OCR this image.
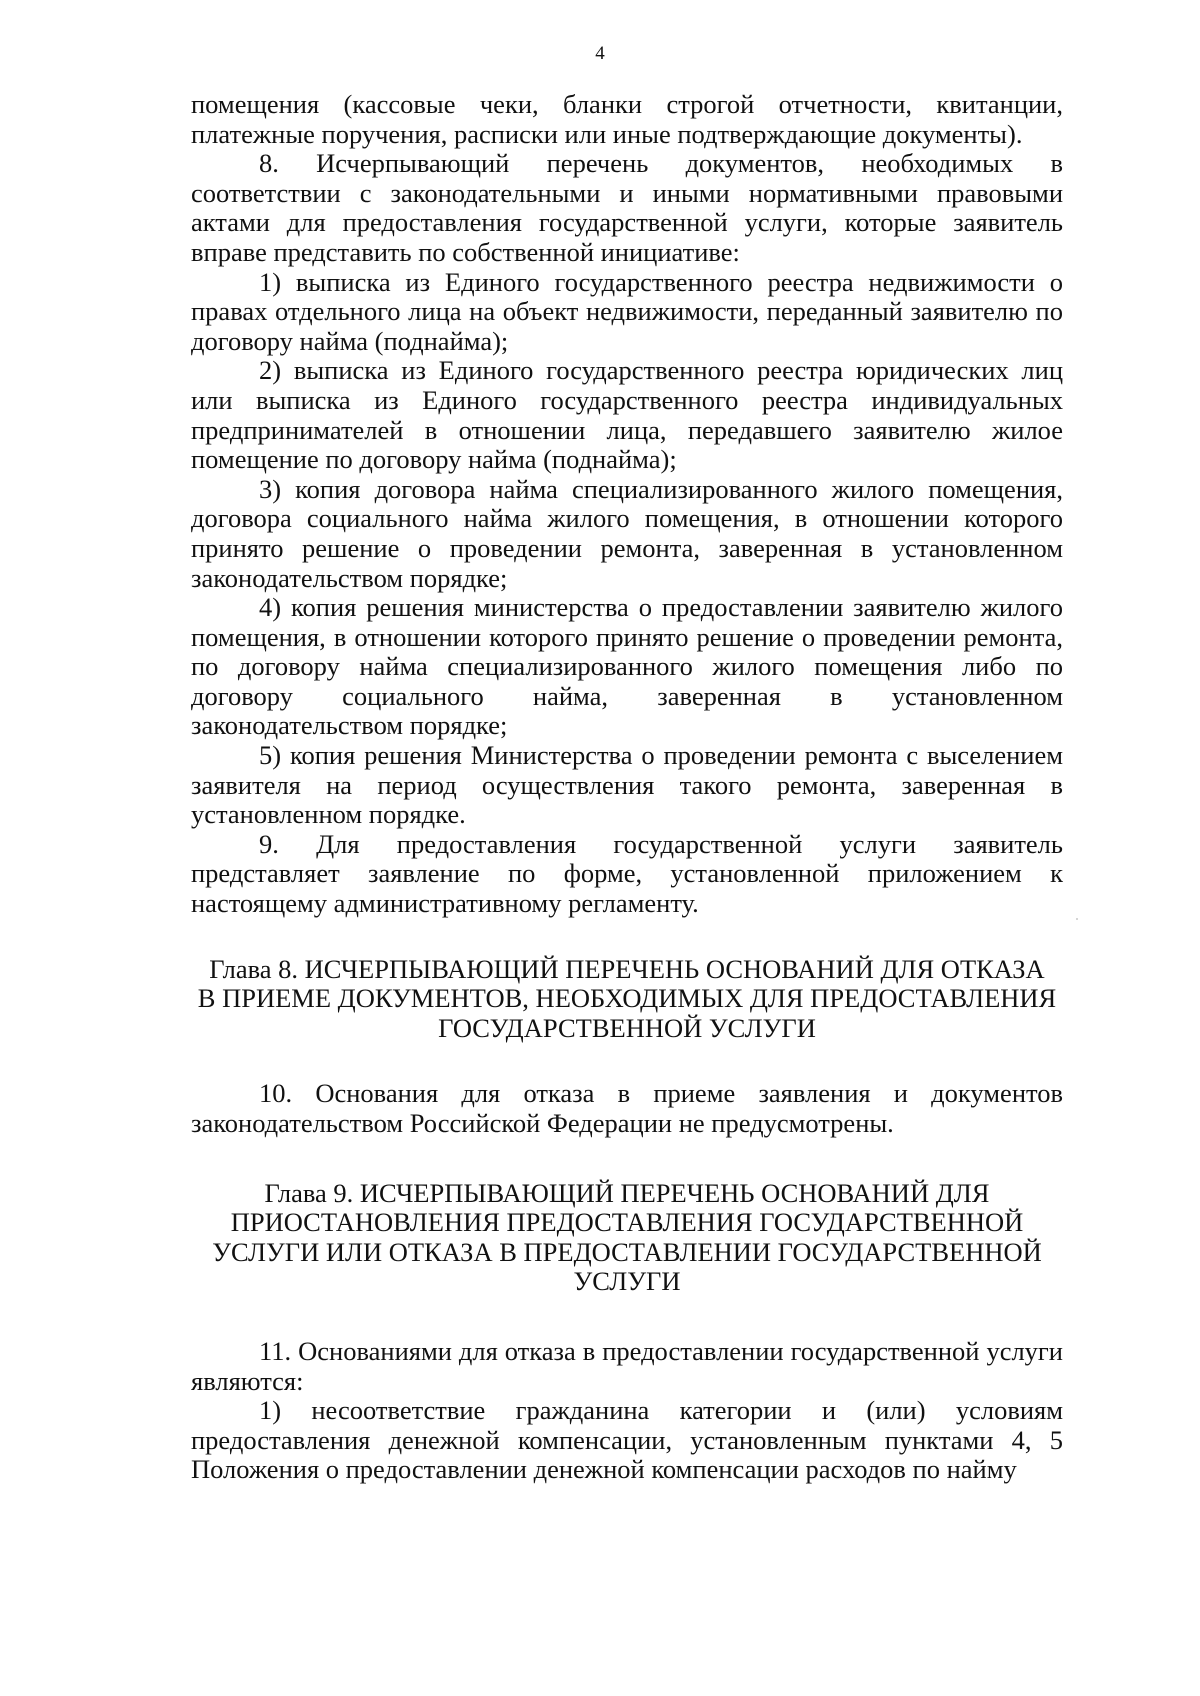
4

помещения (кассовые чеки, бланки строгой отчетности, квитанции, платежные поручения, расписки или иные подтверждающие документы).

8. Исчерпывающий перечень документов, необходимых в соответствии с законодательными и иными нормативными правовыми актами для предоставления государственной услуги, которые заявитель вправе представить по собственной инициативе:

1) выписка из Единого государственного реестра недвижимости о правах отдельного лица на объект недвижимости, переданный заявителю по договору найма (поднайма);

2) выписка из Единого государственного реестра юридических лиц или выписка из Единого государственного реестра индивидуальных предпринимателей в отношении лица, передавшего заявителю жилое помещение по договору найма (поднайма);

3) копия договора найма специализированного жилого помещения, договора социального найма жилого помещения, в отношении которого принято решение о проведении ремонта, заверенная в установленном законодательством порядке;

4) копия решения министерства о предоставлении заявителю жилого помещения, в отношении которого принято решение о проведении ремонта, по договору найма специализированного жилого помещения либо по договору социального найма, заверенная в установленном законодательством порядке;

5) копия решения Министерства о проведении ремонта с выселением заявителя на период осуществления такого ремонта, заверенная в установленном порядке.

9. Для предоставления государственной услуги заявитель представляет заявление по форме, установленной приложением к настоящему административному регламенту.

Глава 8. ИСЧЕРПЫВАЮЩИЙ ПЕРЕЧЕНЬ ОСНОВАНИЙ ДЛЯ ОТКАЗА
В ПРИЕМЕ ДОКУМЕНТОВ, НЕОБХОДИМЫХ ДЛЯ ПРЕДОСТАВЛЕНИЯ
ГОСУДАРСТВЕННОЙ УСЛУГИ

10. Основания для отказа в приеме заявления и документов законодательством Российской Федерации не предусмотрены.

Глава 9. ИСЧЕРПЫВАЮЩИЙ ПЕРЕЧЕНЬ ОСНОВАНИЙ ДЛЯ
ПРИОСТАНОВЛЕНИЯ ПРЕДОСТАВЛЕНИЯ ГОСУДАРСТВЕННОЙ
УСЛУГИ ИЛИ ОТКАЗА В ПРЕДОСТАВЛЕНИИ ГОСУДАРСТВЕННОЙ
УСЛУГИ

11. Основаниями для отказа в предоставлении государственной услуги являются:

1) несоответствие гражданина категории и (или) условиям предоставления денежной компенсации, установленным пунктами 4, 5 Положения о предоставлении денежной компенсации расходов по найму
